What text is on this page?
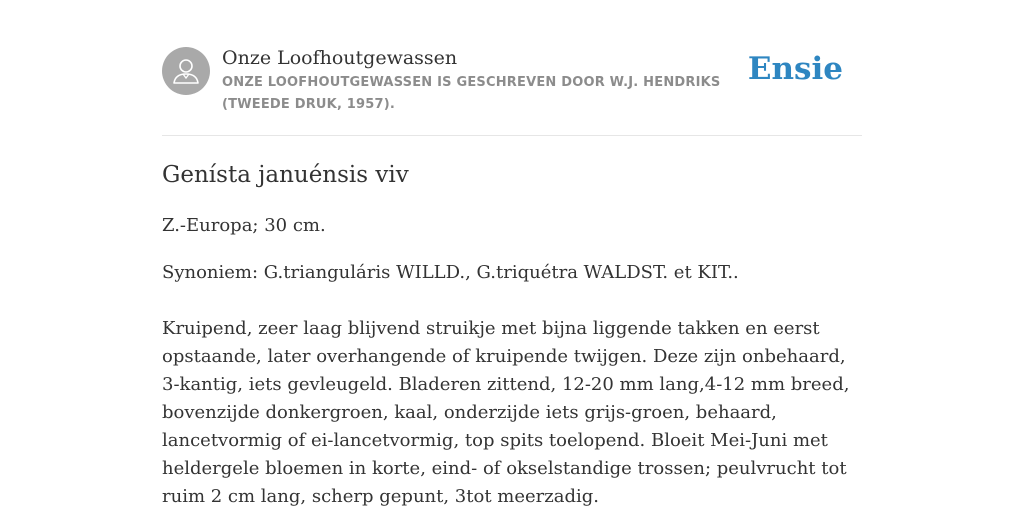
Onze Loofhoutgewassen
ONZE LOOFHOUTGEWASSEN IS GESCHREVEN DOOR W.J. HENDRIKS (TWEEDE DRUK, 1957).
Ensie
Genísta januénsis viv

Z.-Europa; 30 cm.

Synoniem: G.trianguláris WILLD., G.triquétra WALDST. et KIT..

Kruipend, zeer laag blijvend struikje met bijna liggende takken en eerst opstaande, later overhangende of kruipende twijgen. Deze zijn onbehaard, 3-kantig, iets gevleugeld. Bladeren zittend, 12-20 mm lang,4-12 mm breed, bovenzijde donkergroen, kaal, onderzijde iets grijs-groen, behaard, lancetvormig of ei-lancetvormig, top spits toelopend. Bloeit Mei-Juni met heldergele bloemen in korte, eind- of okselstandige trossen; peulvrucht tot ruim 2 cm lang, scherp gepunt, 3tot meerzadig.
